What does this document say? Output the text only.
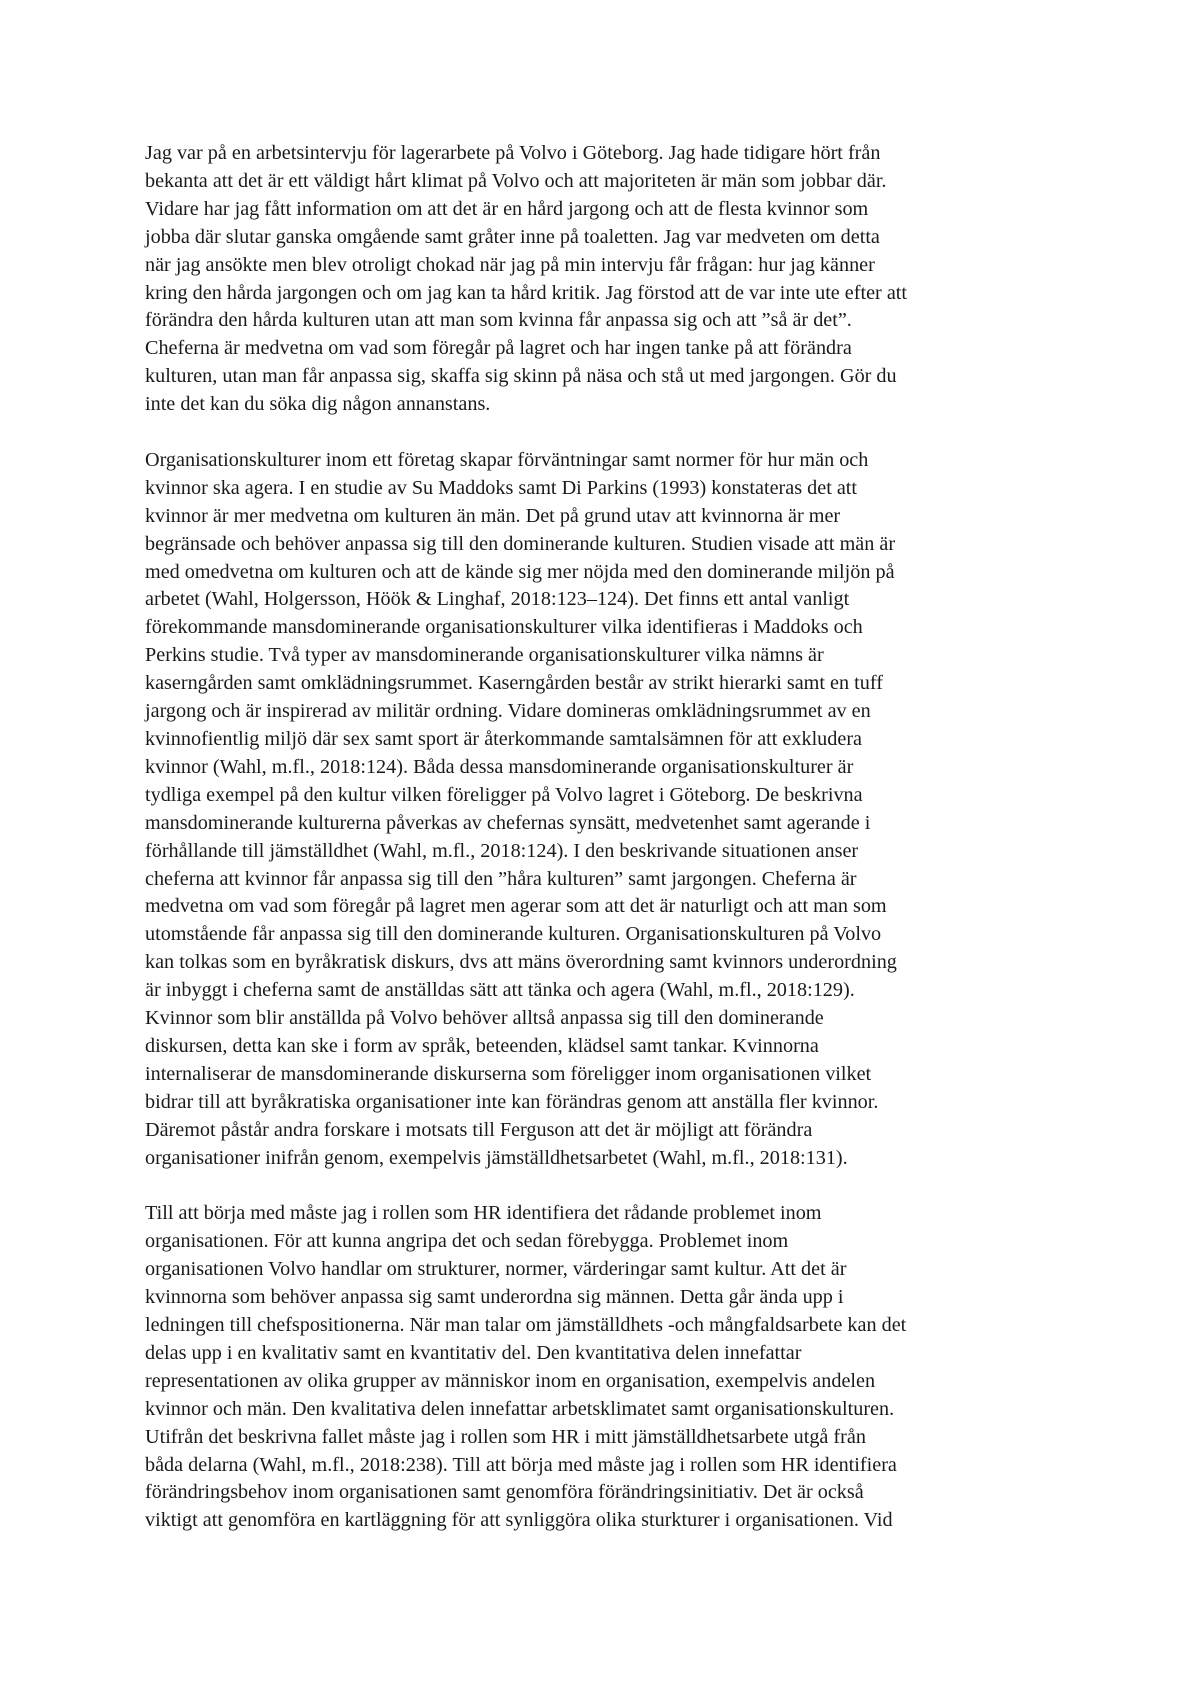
Jag var på en arbetsintervju för lagerarbete på Volvo i Göteborg. Jag hade tidigare hört från
bekanta att det är ett väldigt hårt klimat på Volvo och att majoriteten är män som jobbar där.
Vidare har jag fått information om att det är en hård jargong och att de flesta kvinnor som
jobba där slutar ganska omgående samt gråter inne på toaletten. Jag var medveten om detta
när jag ansökte men blev otroligt chokad när jag på min intervju får frågan: hur jag känner
kring den hårda jargongen och om jag kan ta hård kritik. Jag förstod att de var inte ute efter att
förändra den hårda kulturen utan att man som kvinna får anpassa sig och att ”så är det”.
Cheferna är medvetna om vad som föregår på lagret och har ingen tanke på att förändra
kulturen, utan man får anpassa sig, skaffa sig skinn på näsa och stå ut med jargongen. Gör du
inte det kan du söka dig någon annanstans.

Organisationskulturer inom ett företag skapar förväntningar samt normer för hur män och
kvinnor ska agera. I en studie av Su Maddoks samt Di Parkins (1993) konstateras det att
kvinnor är mer medvetna om kulturen än män. Det på grund utav att kvinnorna är mer
begränsade och behöver anpassa sig till den dominerande kulturen. Studien visade att män är
med omedvetna om kulturen och att de kände sig mer nöjda med den dominerande miljön på
arbetet (Wahl, Holgersson, Höök & Linghaf, 2018:123–124). Det finns ett antal vanligt
förekommande mansdominerande organisationskulturer vilka identifieras i Maddoks och
Perkins studie. Två typer av mansdominerande organisationskulturer vilka nämns är
kaserngården samt omklädningsrummet. Kaserngården består av strikt hierarki samt en tuff
jargong och är inspirerad av militär ordning. Vidare domineras omklädningsrummet av en
kvinnofientlig miljö där sex samt sport är återkommande samtalsämnen för att exkludera
kvinnor (Wahl, m.fl., 2018:124). Båda dessa mansdominerande organisationskulturer är
tydliga exempel på den kultur vilken föreligger på Volvo lagret i Göteborg. De beskrivna
mansdominerande kulturerna påverkas av chefernas synsätt, medvetenhet samt agerande i
förhållande till jämställdhet (Wahl, m.fl., 2018:124). I den beskrivande situationen anser
cheferna att kvinnor får anpassa sig till den ”håra kulturen” samt jargongen. Cheferna är
medvetna om vad som föregår på lagret men agerar som att det är naturligt och att man som
utomstående får anpassa sig till den dominerande kulturen. Organisationskulturen på Volvo
kan tolkas som en byråkratisk diskurs, dvs att mäns överordning samt kvinnors underordning
är inbyggt i cheferna samt de anställdas sätt att tänka och agera (Wahl, m.fl., 2018:129).
Kvinnor som blir anställda på Volvo behöver alltså anpassa sig till den dominerande
diskursen, detta kan ske i form av språk, beteenden, klädsel samt tankar. Kvinnorna
internaliserar de mansdominerande diskurserna som föreligger inom organisationen vilket
bidrar till att byråkratiska organisationer inte kan förändras genom att anställa fler kvinnor.
Däremot påstår andra forskare i motsats till Ferguson att det är möjligt att förändra
organisationer inifrån genom, exempelvis jämställdhetsarbetet (Wahl, m.fl., 2018:131).

Till att börja med måste jag i rollen som HR identifiera det rådande problemet inom
organisationen. För att kunna angripa det och sedan förebygga. Problemet inom
organisationen Volvo handlar om strukturer, normer, värderingar samt kultur. Att det är
kvinnorna som behöver anpassa sig samt underordna sig männen. Detta går ända upp i
ledningen till chefspositionerna. När man talar om jämställdhets -och mångfaldsarbete kan det
delas upp i en kvalitativ samt en kvantitativ del. Den kvantitativa delen innefattar
representationen av olika grupper av människor inom en organisation, exempelvis andelen
kvinnor och män. Den kvalitativa delen innefattar arbetsklimatet samt organisationskulturen.
Utifrån det beskrivna fallet måste jag i rollen som HR i mitt jämställdhetsarbete utgå från
båda delarna (Wahl, m.fl., 2018:238). Till att börja med måste jag i rollen som HR identifiera
förändringsbehov inom organisationen samt genomföra förändringsinitiativ. Det är också
viktigt att genomföra en kartläggning för att synliggöra olika sturkturer i organisationen. Vid
